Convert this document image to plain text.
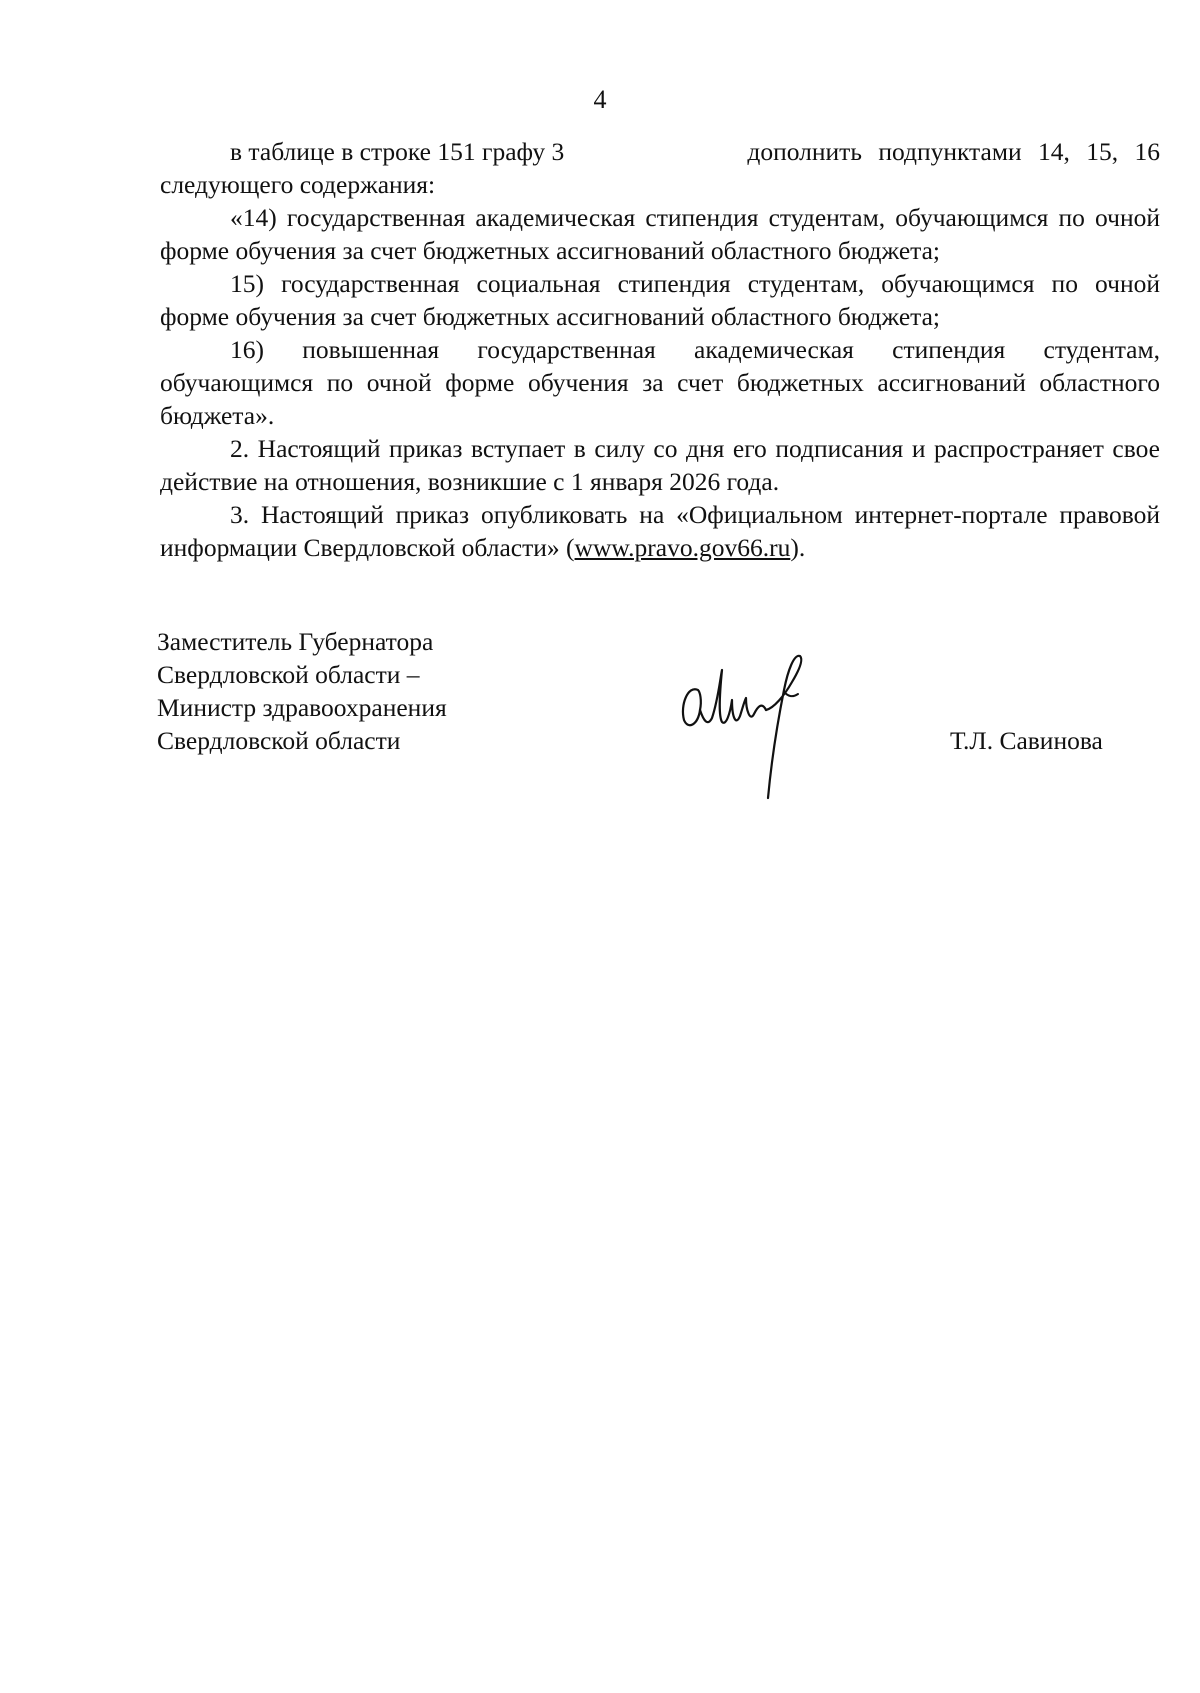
4
в таблице в строке 151 графу 3	дополнить подпунктами 14, 15, 16

следующего содержания:

«14) государственная академическая стипендия студентам, обучающимся по очной форме обучения за счет бюджетных ассигнований областного бюджета;

15) государственная социальная стипендия студентам, обучающимся по очной форме обучения за счет бюджетных ассигнований областного бюджета;

16) повышенная государственная академическая стипендия студентам, обучающимся по очной форме обучения за счет бюджетных ассигнований областного бюджета».

2. Настоящий приказ вступает в силу со дня его подписания и распространяет свое действие на отношения, возникшие с 1 января 2026 года.

3. Настоящий приказ опубликовать на «Официальном интернет-портале правовой информации Свердловской области» (www.pravo.gov66.ru).

Заместитель Губернатора
Свердловской области –
Министр здравоохранения
Свердловской области	Т.Л. Савинова
